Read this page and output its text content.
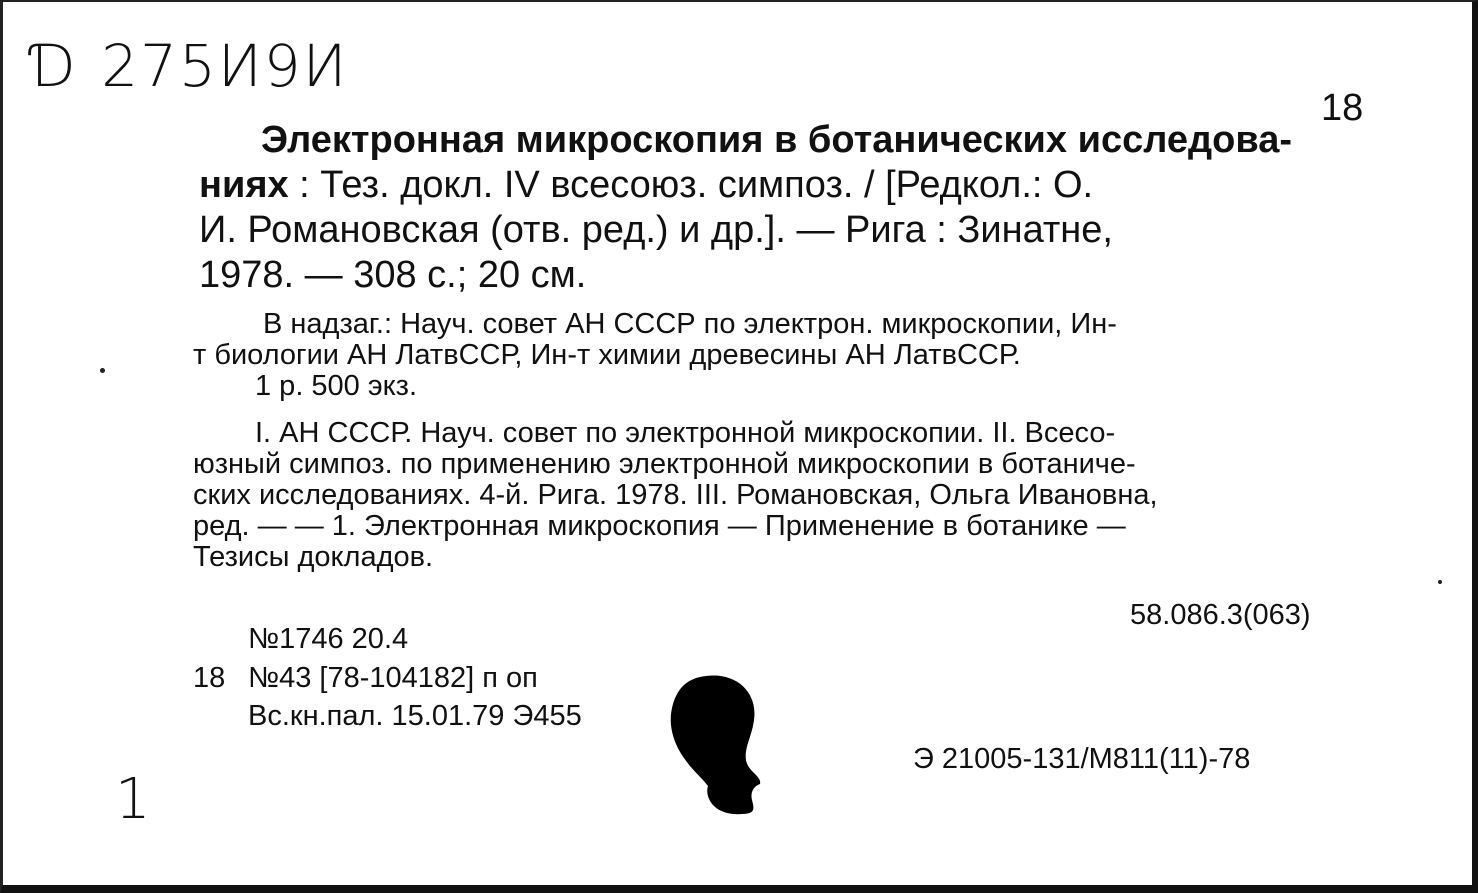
Ɗ 275И9И
18
Электронная микроскопия в ботанических исследова-
ниях : Тез. докл. IV всесоюз. симпоз. / [Редкол.: О.
И. Романовская (отв. ред.) и др.]. — Рига : Зинатне,
1978. — 308 с.; 20 см.
В надзаг.: Науч. совет АН СССР по электрон. микроскопии, Ин-
т биологии АН ЛатвССР, Ин-т химии древесины АН ЛатвССР.
1 р. 500 экз.
I. АН СССР. Науч. совет по электронной микроскопии. II. Всесо-
юзный симпоз. по применению электронной микроскопии в ботаниче-
ских исследованиях. 4-й. Рига. 1978. III. Романовская, Ольга Ивановна,
ред. — — 1. Электронная микроскопия — Применение в ботанике —
Тезисы докладов.
58.086.3(063)
№1746 20.4
18 №43 [78-104182] п оп
Вс.кн.пал. 15.01.79 Э455
Э 21005-131/М811(11)-78
1
